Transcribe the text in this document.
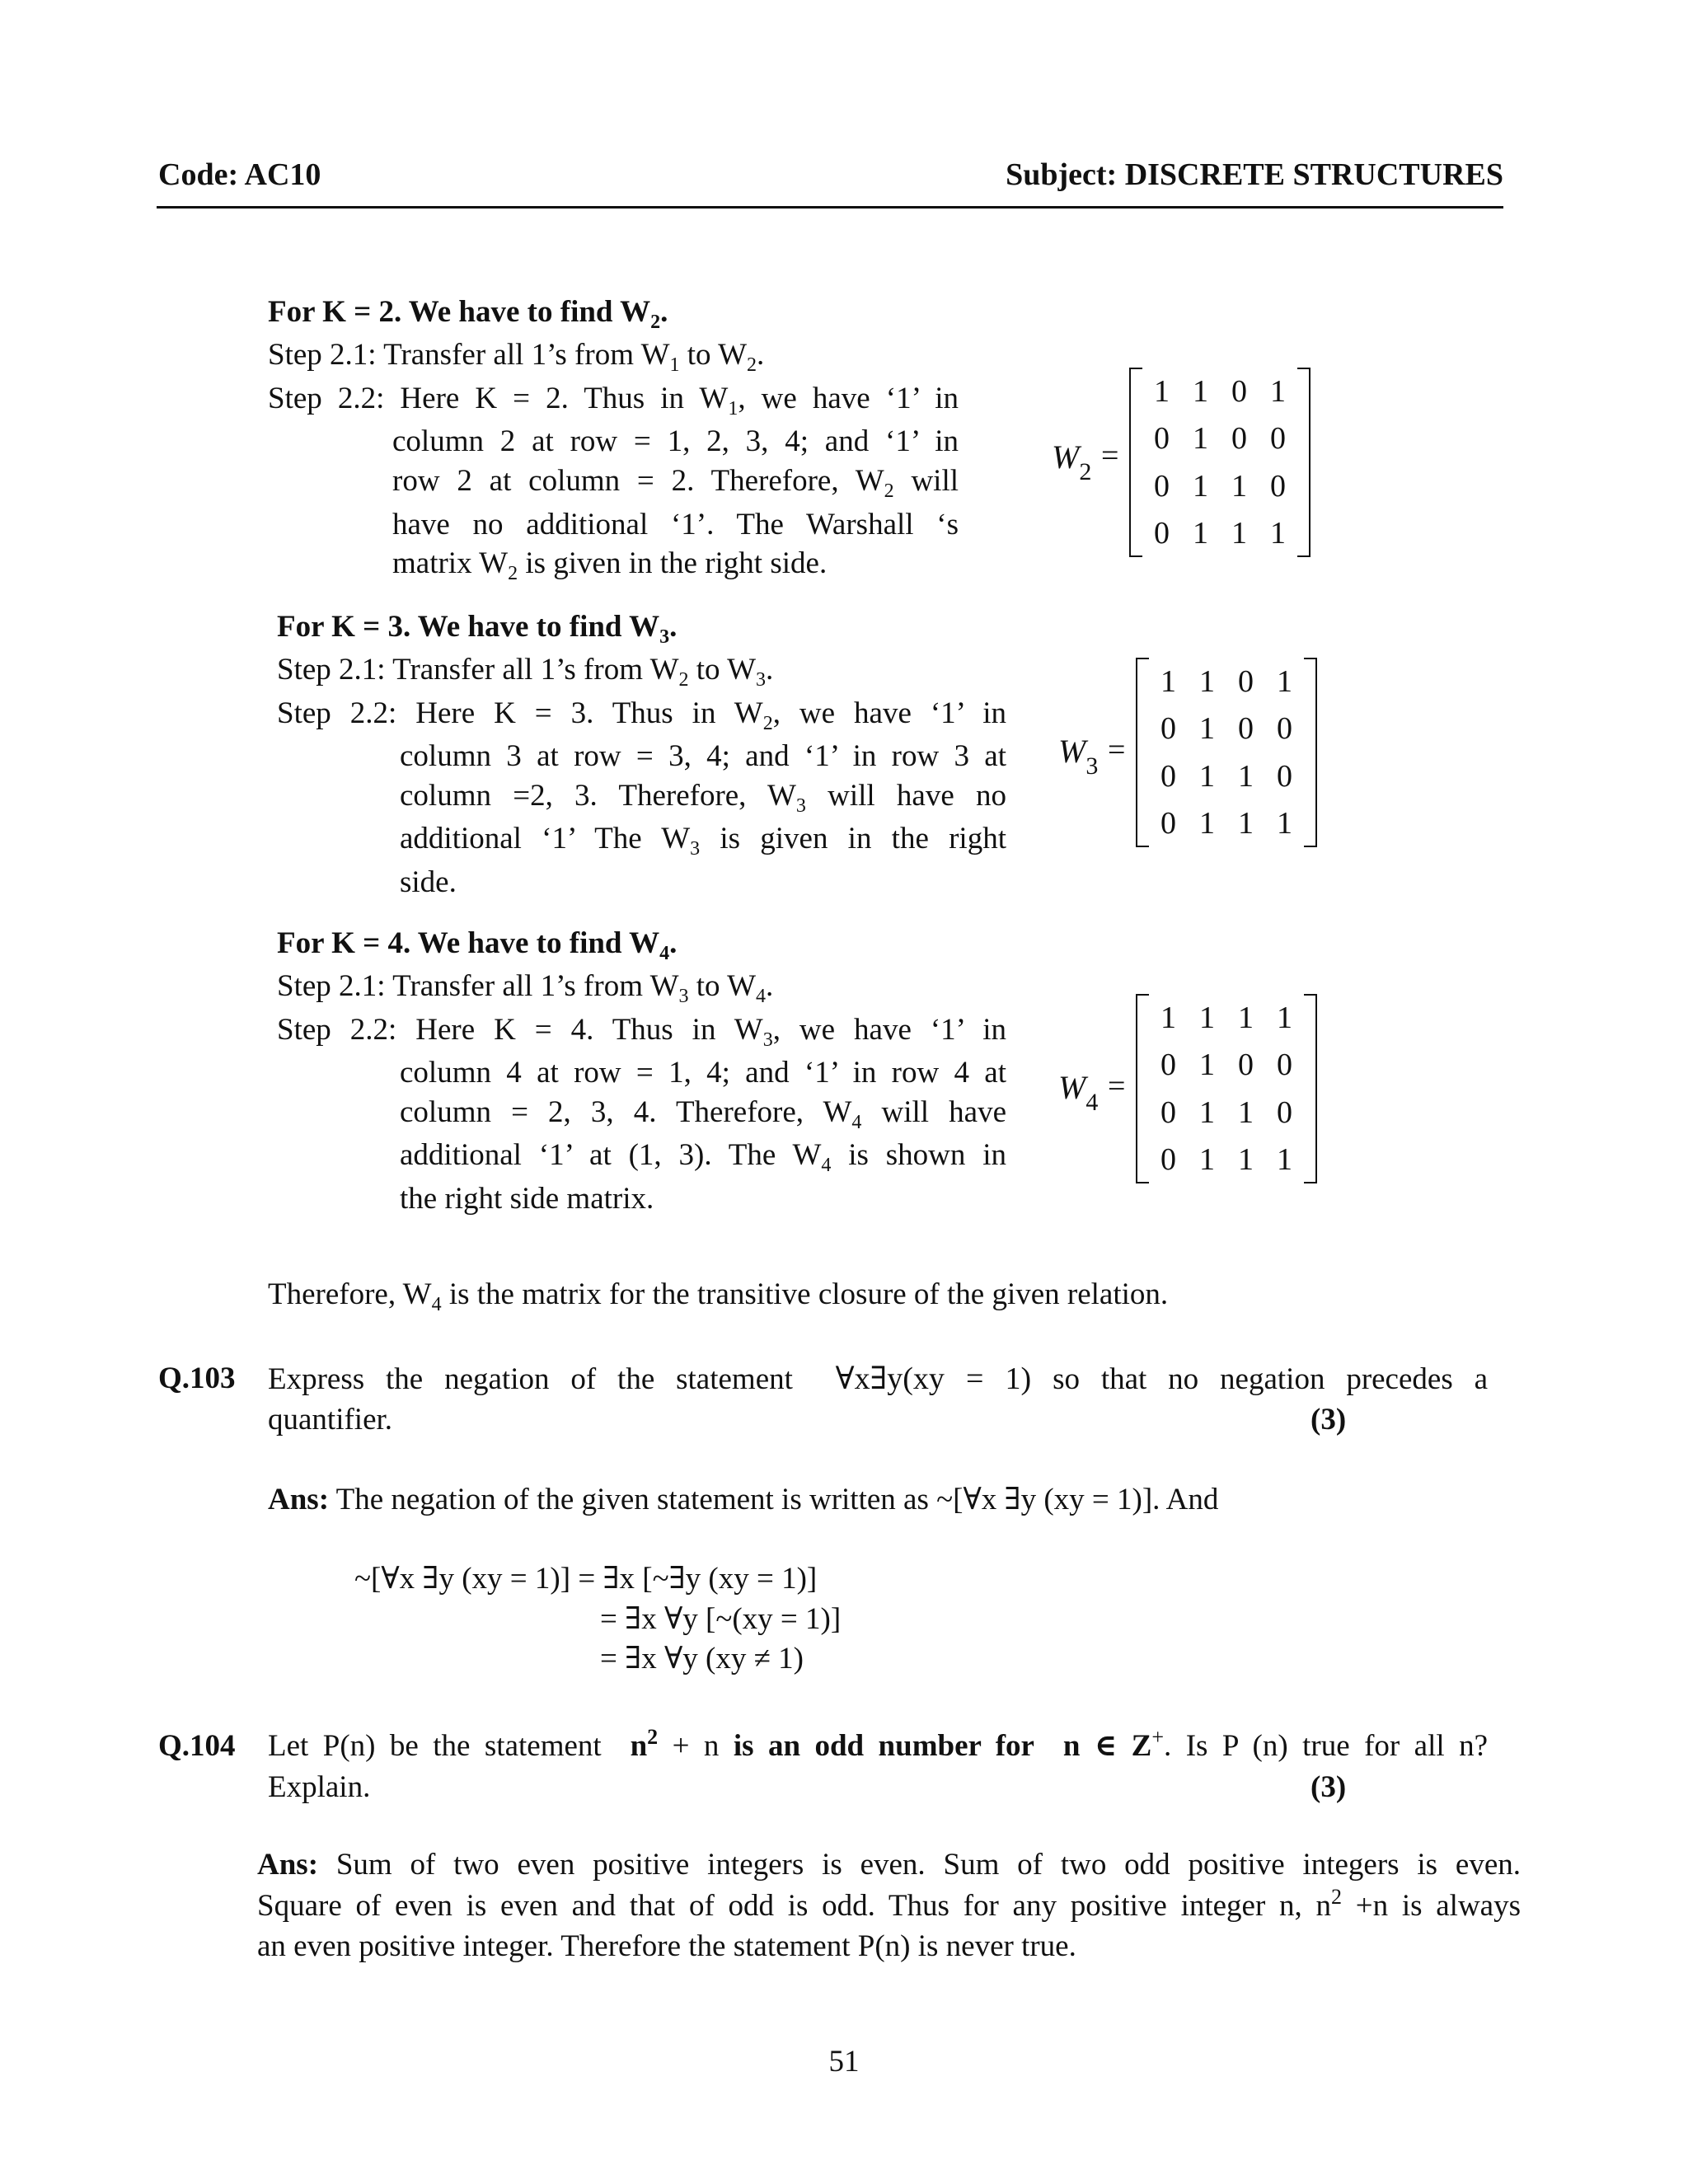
Code: AC10	Subject: DISCRETE STRUCTURES
For K = 2. We have to find $W_2$.
Step 2.1: Transfer all 1’s from $W_1$ to $W_2$.
Step 2.2: Here K = 2. Thus in $W_1$, we have ‘1’ in
column 2 at row = 1, 2, 3, 4; and ‘1’ in
row 2 at column = 2. Therefore, $W_2$ will
have no additional ‘1’. The Warshall ‘s
matrix $W_2$ is given in the right side.
$W_2$ =
1 1 0 1
0 1 0 0
0 1 1 0
0 1 1 1
For K = 3. We have to find $W_3$.
Step 2.1: Transfer all 1’s from $W_2$ to $W_3$.
Step 2.2: Here K = 3. Thus in $W_2$, we have ‘1’ in
column 3 at row = 3, 4; and ‘1’ in row 3 at
column =2, 3. Therefore, $W_3$ will have no
additional ‘1’ The $W_3$ is given in the right
side.
$W_3$ =
1 1 0 1
0 1 0 0
0 1 1 0
0 1 1 1
For K = 4. We have to find $W_4$.
Step 2.1: Transfer all 1’s from $W_3$ to $W_4$.
Step 2.2: Here K = 4. Thus in $W_3$, we have ‘1’ in
column 4 at row = 1, 4; and ‘1’ in row 4 at
column = 2, 3, 4. Therefore, $W_4$ will have
additional ‘1’ at (1, 3). The $W_4$ is shown in
the right side matrix.
$W_4$ =
1 1 1 1
0 1 0 0
0 1 1 0
0 1 1 1
Therefore, $W_4$ is the matrix for the transitive closure of the given relation.
Q.103 Express the negation of the statement ∀x∃y(xy = 1) so that no negation precedes a
quantifier.	(3)
Ans: The negation of the given statement is written as ~[∀x ∃y (xy = 1)]. And
~[∀x ∃y (xy = 1)] = ∃x [~∃y (xy = 1)]
= ∃x ∀y [~(xy = 1)]
= ∃x ∀y (xy ≠ 1)
Q.104 Let P(n) be the statement $n^2 + n$ is an odd number for n ∈ Z+. Is P (n) true for all n?
Explain.	(3)
Ans: Sum of two even positive integers is even. Sum of two odd positive integers is even.
Square of even is even and that of odd is odd. Thus for any positive integer n, $n^2 +n$ is always
an even positive integer. Therefore the statement P(n) is never true.
51
